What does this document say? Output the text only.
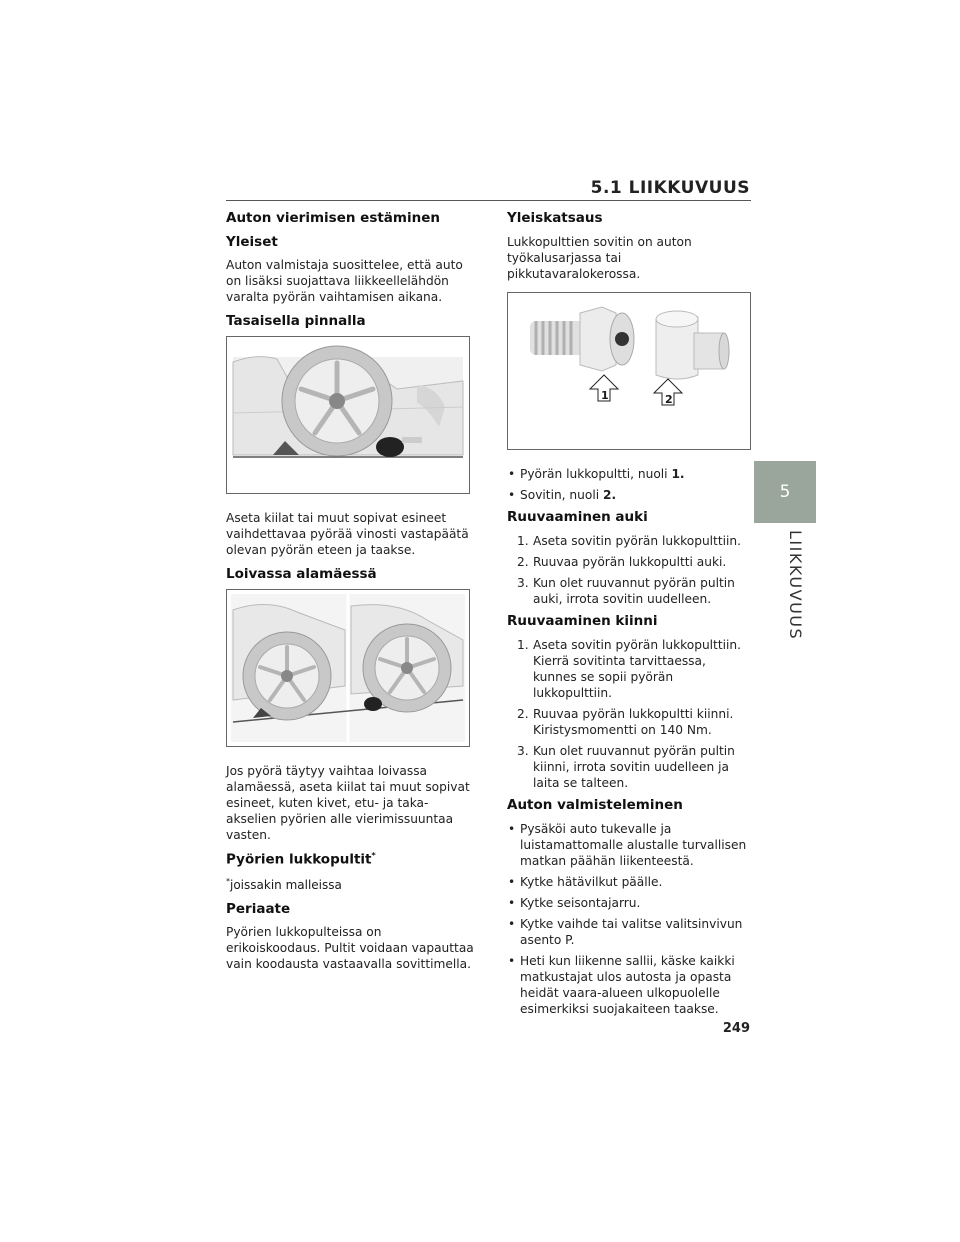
5.1 LIIKKUVUUS
5
LIIKKUVUUS
Auton vierimisen estäminen
Yleiset

Auton valmistaja suosittelee, että auto on lisäksi suojattava liikkeellelähdön varalta pyörän vaihtamisen aikana.

Tasaisella pinnalla

Aseta kiilat tai muut sopivat esineet vaihdettavaa pyörää vinosti vastapäätä olevan pyörän eteen ja taakse.

Loivassa alamäessä

Jos pyörä täytyy vaihtaa loivassa alamäessä, aseta kiilat tai muut sopivat esineet, kuten kivet, etu- ja taka-akselien pyörien alle vierimissuuntaa vasten.

Pyörien lukkopultit*
*joissakin malleissa
Periaate

Pyörien lukkopulteissa on erikoiskoodaus. Pultit voidaan vapauttaa vain koodausta vastaavalla sovittimella.

Yleiskatsaus

Lukkopulttien sovitin on auton työkalusarjassa tai pikkutavaralokerossa.

1	2
• Pyörän lukkopultti, nuoli 1.
• Sovitin, nuoli 2.
Ruuvaaminen auki
1. Aseta sovitin pyörän lukkopulttiin.
2. Ruuvaa pyörän lukkopultti auki.
3. Kun olet ruuvannut pyörän pultin auki, irrota sovitin uudelleen.
Ruuvaaminen kiinni
1. Aseta sovitin pyörän lukkopulttiin. Kierrä sovitinta tarvittaessa, kunnes se sopii pyörän lukkopulttiin.
2. Ruuvaa pyörän lukkopultti kiinni. Kiristysmomentti on 140 Nm.
3. Kun olet ruuvannut pyörän pultin kiinni, irrota sovitin uudelleen ja laita se talteen.
Auton valmisteleminen
• Pysäköi auto tukevalle ja luistamattomalle alustalle turvallisen matkan päähän liikenteestä.
• Kytke hätävilkut päälle.
• Kytke seisontajarru.
• Kytke vaihde tai valitse valitsinvivun asento P.
• Heti kun liikenne sallii, käske kaikki matkustajat ulos autosta ja opasta heidät vaara-alueen ulkopuolelle esimerkiksi suojakaiteen taakse.
249
